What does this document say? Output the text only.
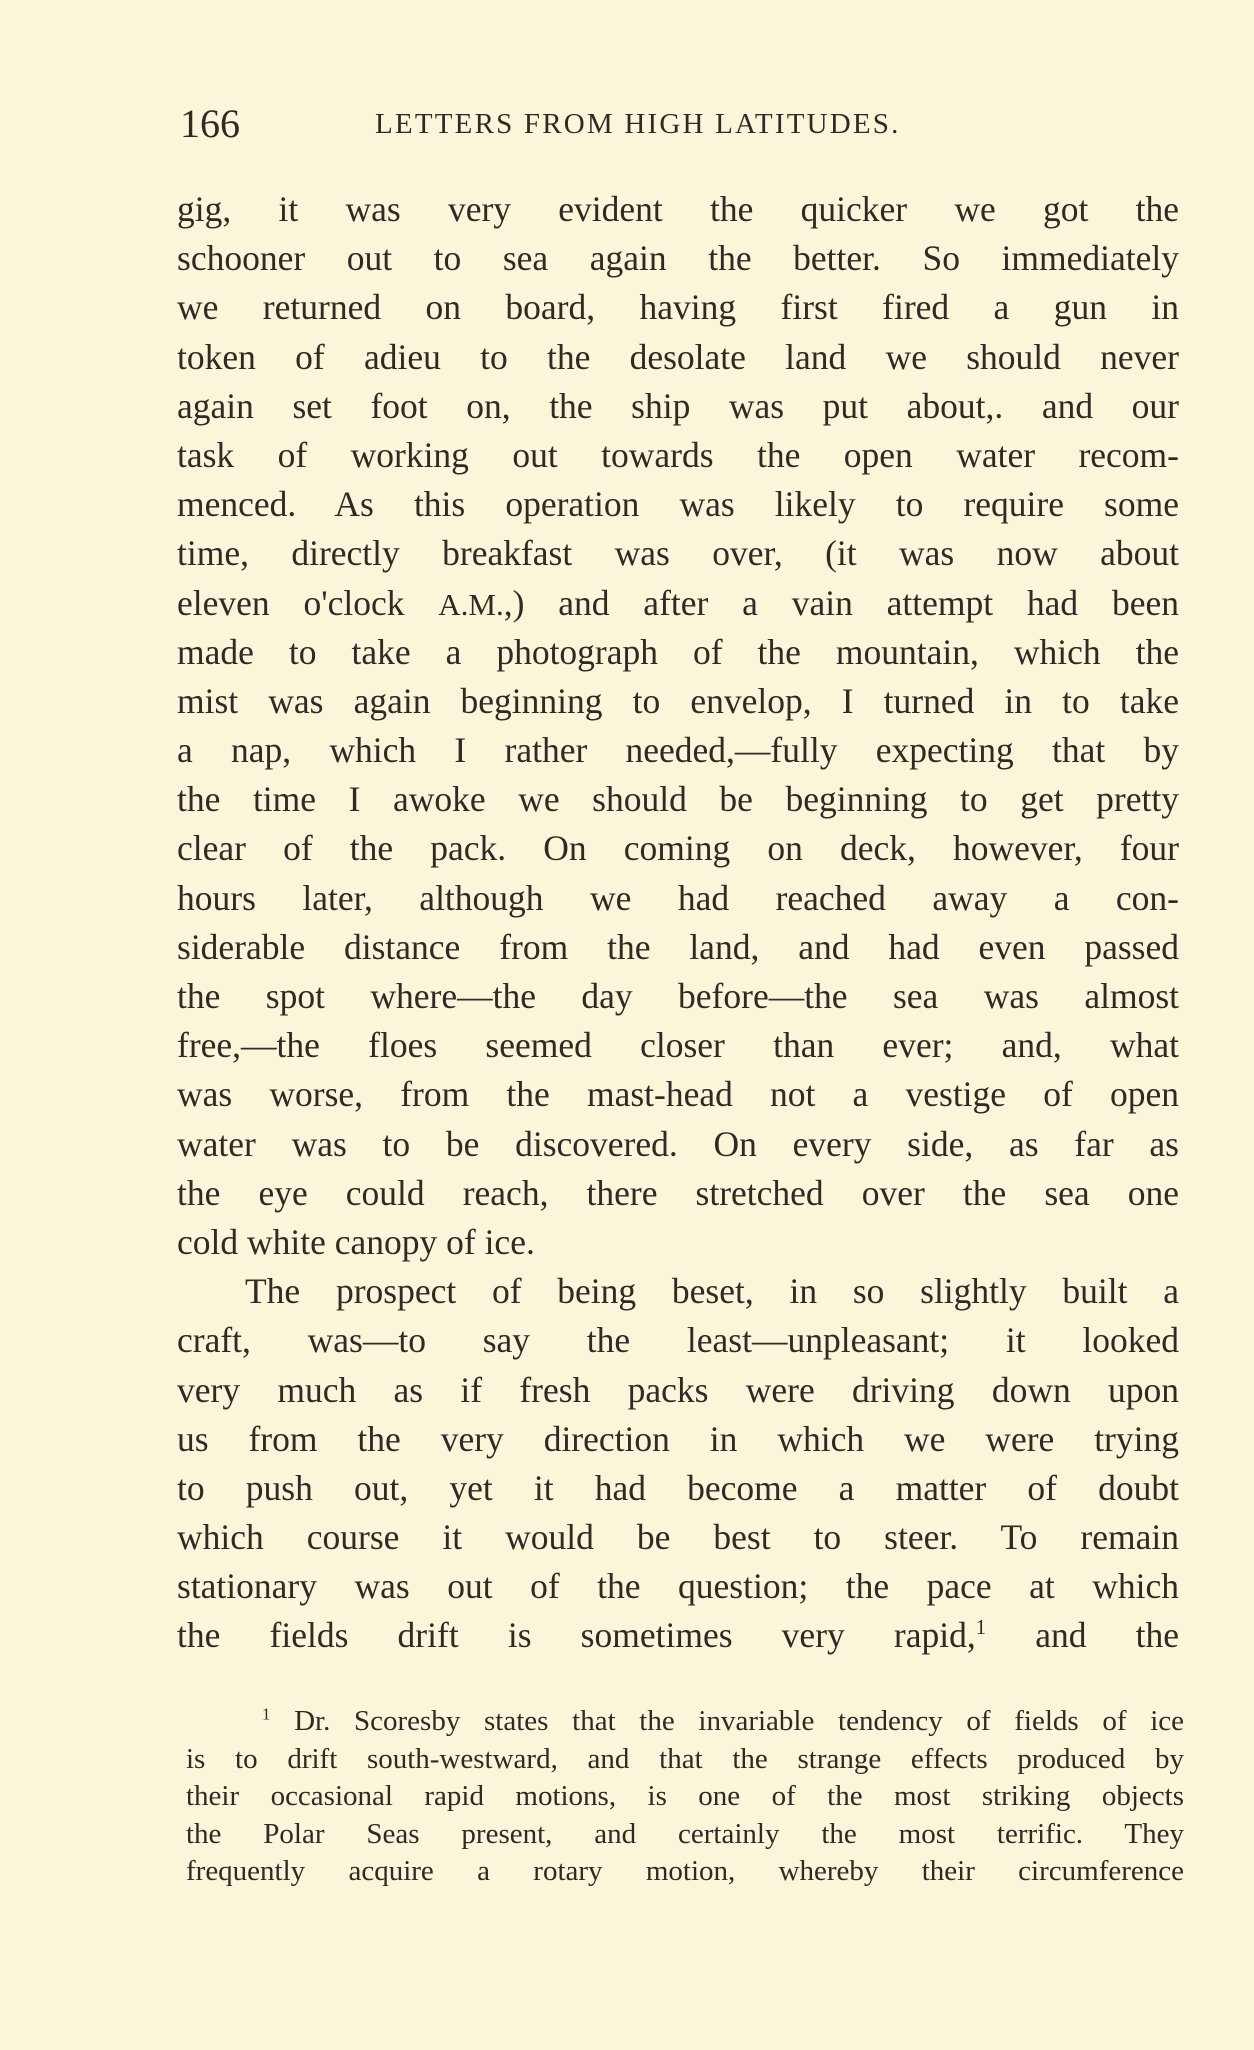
166	LETTERS FROM HIGH LATITUDES.
gig, it was very evident the quicker we got the
schooner out to sea again the better. So immediately
we returned on board, having first fired a gun in
token of adieu to the desolate land we should never
again set foot on, the ship was put about,. and our
task of working out towards the open water recom-
menced. As this operation was likely to require some
time, directly breakfast was over, (it was now about
eleven o'clock A.M.,) and after a vain attempt had been
made to take a photograph of the mountain, which the
mist was again beginning to envelop, I turned in to take
a nap, which I rather needed,—fully expecting that by
the time I awoke we should be beginning to get pretty
clear of the pack. On coming on deck, however, four
hours later, although we had reached away a con-
siderable distance from the land, and had even passed
the spot where—the day before—the sea was almost
free,—the floes seemed closer than ever; and, what
was worse, from the mast-head not a vestige of open
water was to be discovered. On every side, as far as
the eye could reach, there stretched over the sea one
cold white canopy of ice.
The prospect of being beset, in so slightly built a
craft, was—to say the least—unpleasant; it looked
very much as if fresh packs were driving down upon
us from the very direction in which we were trying
to push out, yet it had become a matter of doubt
which course it would be best to steer. To remain
stationary was out of the question; the pace at which
the fields drift is sometimes very rapid,$^1$ and the
$^1$ Dr. Scoresby states that the invariable tendency of fields of ice
is to drift south-westward, and that the strange effects produced by
their occasional rapid motions, is one of the most striking objects
the Polar Seas present, and certainly the most terrific. They
frequently acquire a rotary motion, whereby their circumference
